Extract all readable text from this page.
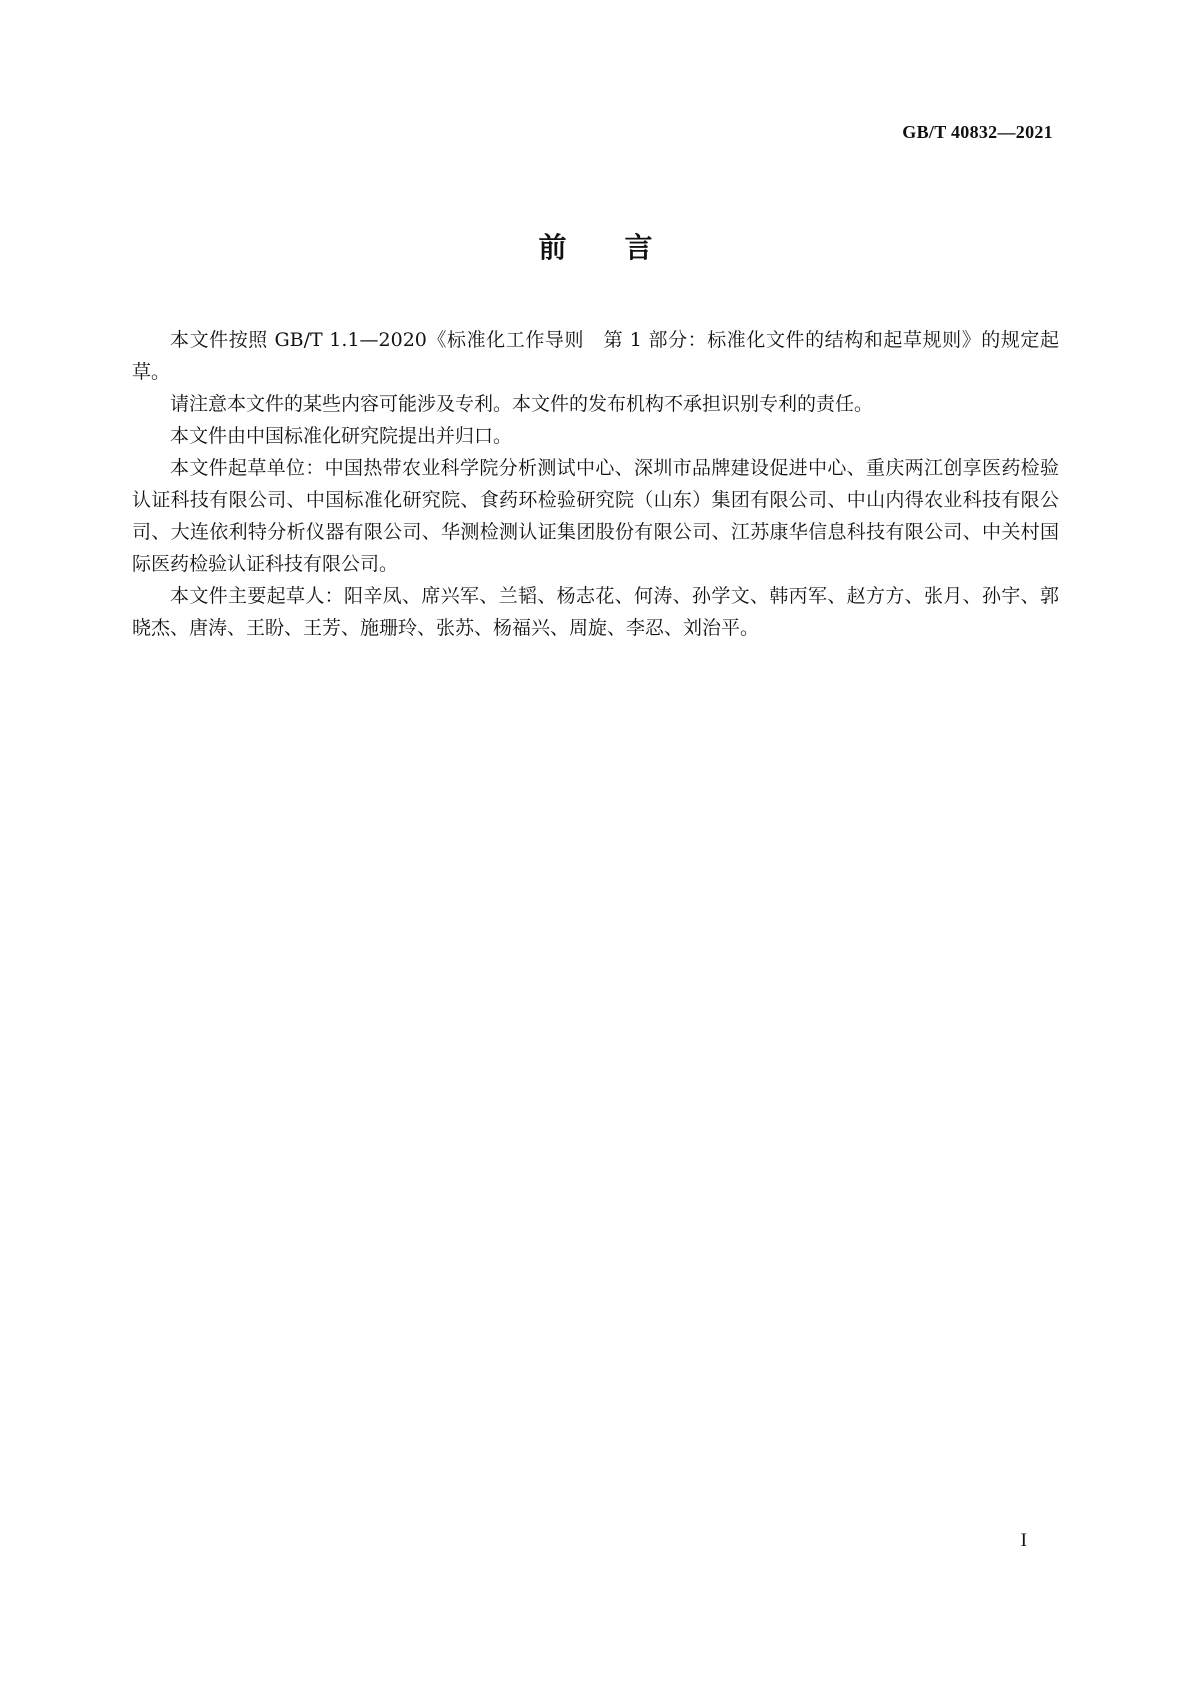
GB/T 40832—2021
前言

本文件按照 GB/T 1.1—2020《标准化工作导则　第 1 部分：标准化文件的结构和起草规则》的规定起草。

请注意本文件的某些内容可能涉及专利。本文件的发布机构不承担识别专利的责任。

本文件由中国标准化研究院提出并归口。

本文件起草单位：中国热带农业科学院分析测试中心、深圳市品牌建设促进中心、重庆两江创享医药检验认证科技有限公司、中国标准化研究院、食药环检验研究院（山东）集团有限公司、中山内得农业科技有限公司、大连依利特分析仪器有限公司、华测检测认证集团股份有限公司、江苏康华信息科技有限公司、中关村国际医药检验认证科技有限公司。

本文件主要起草人：阳辛凤、席兴军、兰韬、杨志花、何涛、孙学文、韩丙军、赵方方、张月、孙宇、郭晓杰、唐涛、王盼、王芳、施珊玲、张苏、杨福兴、周旋、李忍、刘治平。

I
